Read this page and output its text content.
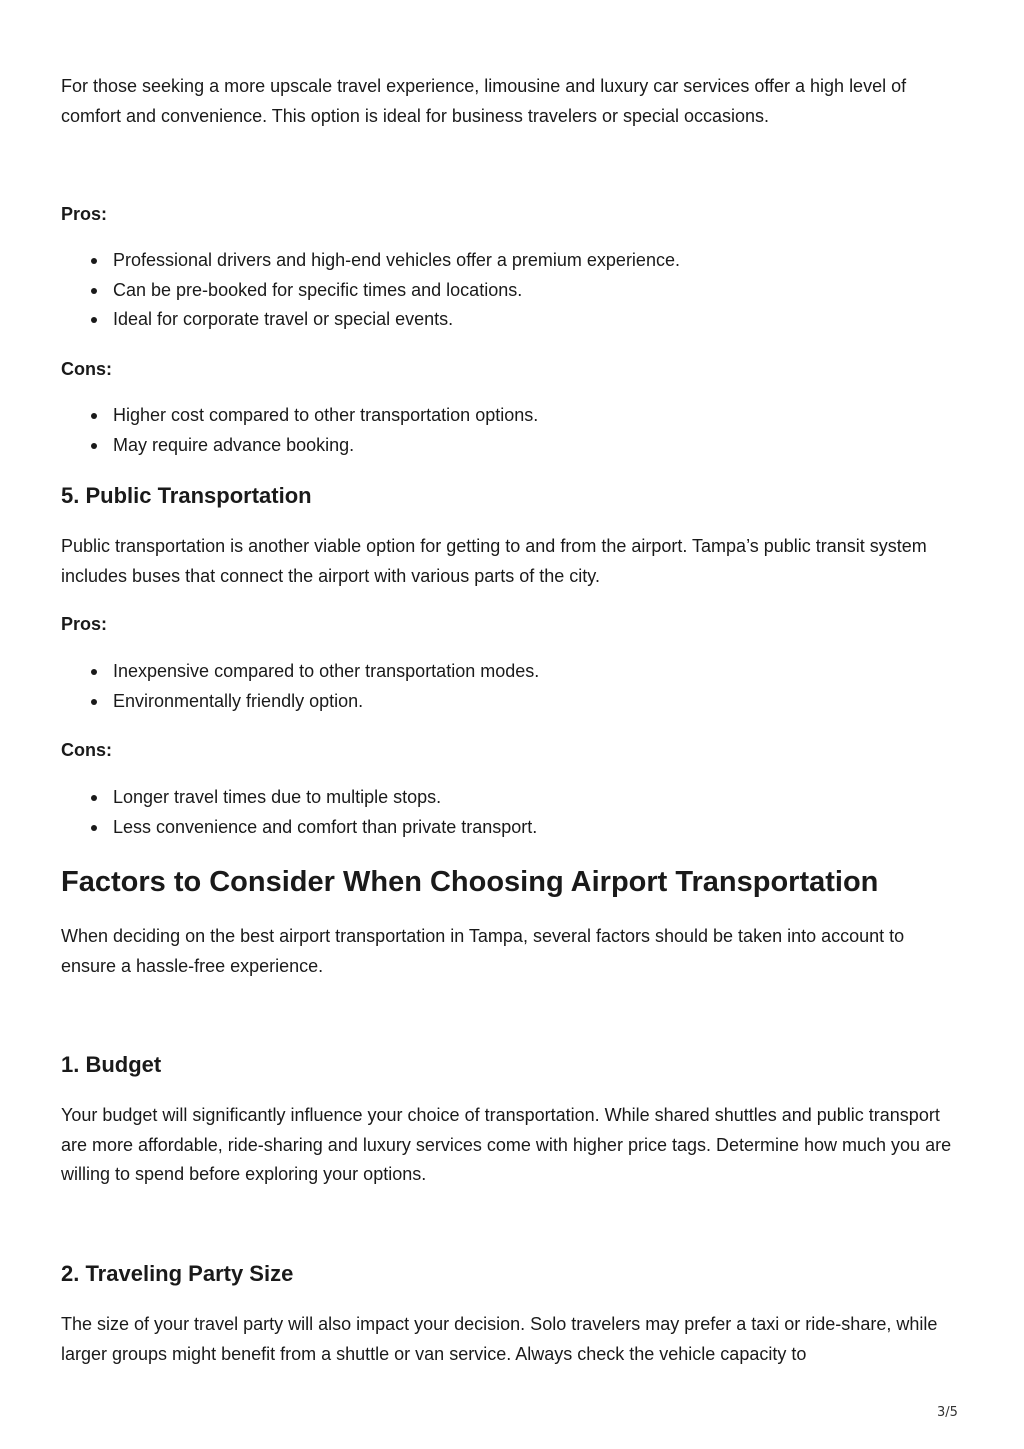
For those seeking a more upscale travel experience, limousine and luxury car services offer a high level of comfort and convenience. This option is ideal for business travelers or special occasions.

Pros:

Professional drivers and high-end vehicles offer a premium experience.
Can be pre-booked for specific times and locations.
Ideal for corporate travel or special events.

Cons:

Higher cost compared to other transportation options.
May require advance booking.
5. Public Transportation

Public transportation is another viable option for getting to and from the airport. Tampa’s public transit system includes buses that connect the airport with various parts of the city.

Pros:

Inexpensive compared to other transportation modes.
Environmentally friendly option.

Cons:

Longer travel times due to multiple stops.
Less convenience and comfort than private transport.
Factors to Consider When Choosing Airport Transportation

When deciding on the best airport transportation in Tampa, several factors should be taken into account to ensure a hassle-free experience.

1. Budget

Your budget will significantly influence your choice of transportation. While shared shuttles and public transport are more affordable, ride-sharing and luxury services come with higher price tags. Determine how much you are willing to spend before exploring your options.

2. Traveling Party Size

The size of your travel party will also impact your decision. Solo travelers may prefer a taxi or ride-share, while larger groups might benefit from a shuttle or van service. Always check the vehicle capacity to

3/5
